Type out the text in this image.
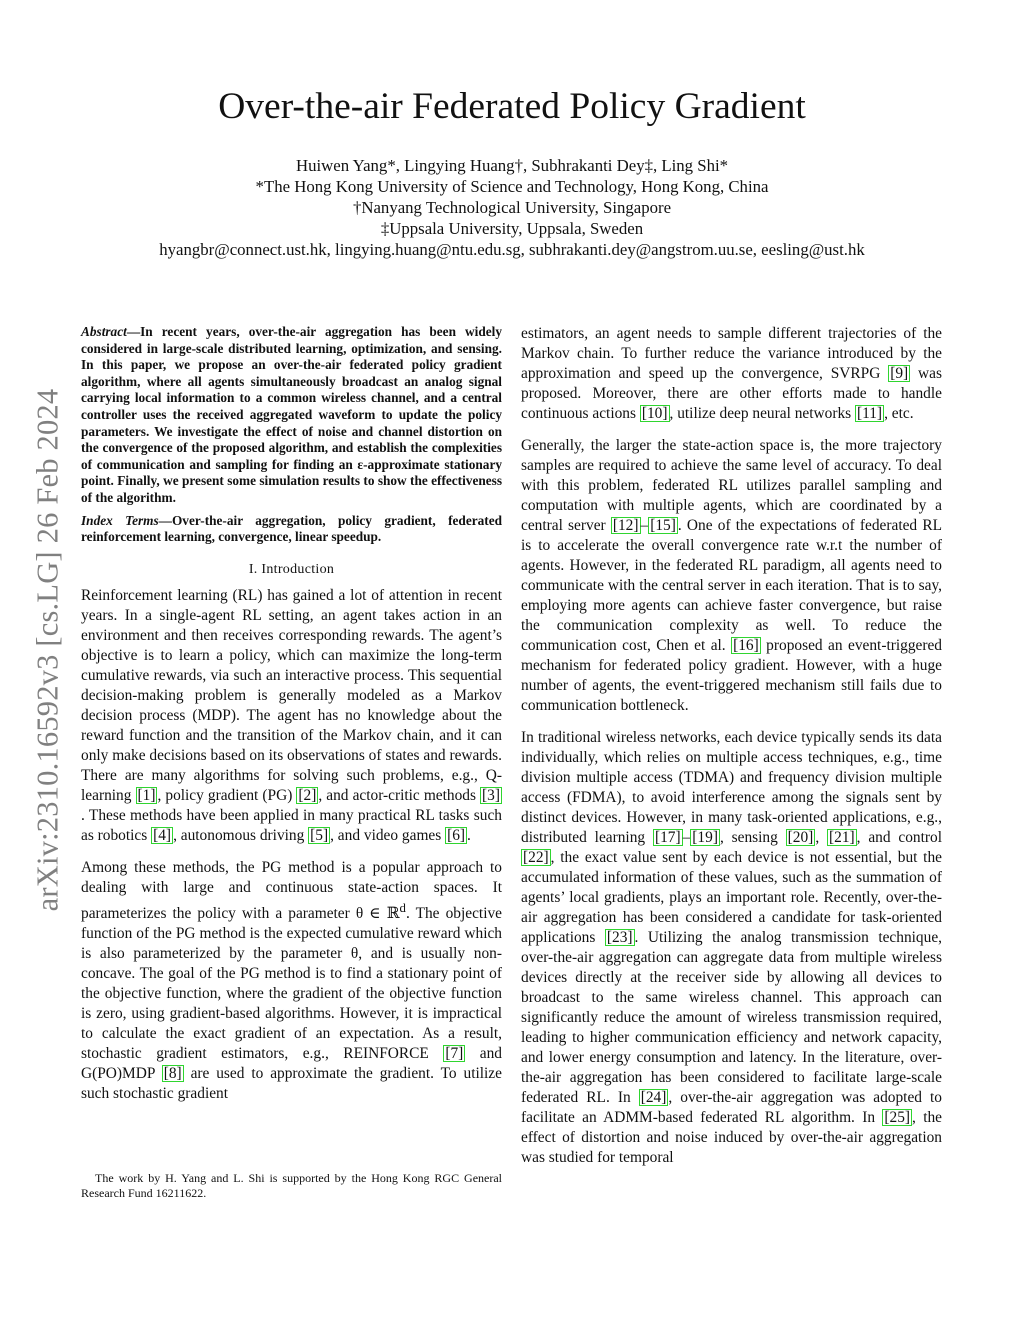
arXiv:2310.16592v3 [cs.LG] 26 Feb 2024
Over-the-air Federated Policy Gradient
Huiwen Yang*, Lingying Huang†, Subhrakanti Dey‡, Ling Shi*
*The Hong Kong University of Science and Technology, Hong Kong, China
†Nanyang Technological University, Singapore
‡Uppsala University, Uppsala, Sweden
hyangbr@connect.ust.hk, lingying.huang@ntu.edu.sg, subhrakanti.dey@angstrom.uu.se, eesling@ust.hk

Abstract—In recent years, over-the-air aggregation has been widely considered in large-scale distributed learning, optimization, and sensing. In this paper, we propose an over-the-air federated policy gradient algorithm, where all agents simultaneously broadcast an analog signal carrying local information to a common wireless channel, and a central controller uses the received aggregated waveform to update the policy parameters. We investigate the effect of noise and channel distortion on the convergence of the proposed algorithm, and establish the complexities of communication and sampling for finding an ε-approximate stationary point. Finally, we present some simulation results to show the effectiveness of the algorithm.

Index Terms—Over-the-air aggregation, policy gradient, federated reinforcement learning, convergence, linear speedup.

I. Introduction

Reinforcement learning (RL) has gained a lot of attention in recent years. In a single-agent RL setting, an agent takes action in an environment and then receives corresponding rewards. The agent’s objective is to learn a policy, which can maximize the long-term cumulative rewards, via such an interactive process. This sequential decision-making problem is generally modeled as a Markov decision process (MDP). The agent has no knowledge about the reward function and the transition of the Markov chain, and it can only make decisions based on its observations of states and rewards. There are many algorithms for solving such problems, e.g., Q-learning [1] , policy gradient (PG) [2] , and actor-critic methods [3]. These methods have been applied in many practical RL tasks such as robotics [4] , autonomous driving [5] , and video games [6] .

Among these methods, the PG method is a popular approach to dealing with large and continuous state-action spaces. It parameterizes the policy with a parameter θ ∈ ℝ$^d$. The objective function of the PG method is the expected cumulative reward which is also parameterized by the parameter θ, and is usually non-concave. The goal of the PG method is to find a stationary point of the objective function, where the gradient of the objective function is zero, using gradient-based algorithms. However, it is impractical to calculate the exact gradient of an expectation. As a result, stochastic gradient estimators, e.g., REINFORCE [7] and G(PO)MDP [8] are used to approximate the gradient. To utilize such stochastic gradient

The work by H. Yang and L. Shi is supported by the Hong Kong RGC General Research Fund 16211622.

estimators, an agent needs to sample different trajectories of the Markov chain. To further reduce the variance introduced by the approximation and speed up the convergence, SVRPG [9] was proposed. Moreover, there are other efforts made to handle continuous actions [10] , utilize deep neural networks [11] , etc.

Generally, the larger the state-action space is, the more trajectory samples are required to achieve the same level of accuracy. To deal with this problem, federated RL utilizes parallel sampling and computation with multiple agents, which are coordinated by a central server [12] – [15] . One of the expectations of federated RL is to accelerate the overall convergence rate w.r.t the number of agents. However, in the federated RL paradigm, all agents need to communicate with the central server in each iteration. That is to say, employing more agents can achieve faster convergence, but raise the communication complexity as well. To reduce the communication cost, Chen et al. [16] proposed an event-triggered mechanism for federated policy gradient. However, with a huge number of agents, the event-triggered mechanism still fails due to communication bottleneck.

In traditional wireless networks, each device typically sends its data individually, which relies on multiple access techniques, e.g., time division multiple access (TDMA) and frequency division multiple access (FDMA), to avoid interference among the signals sent by distinct devices. However, in many task-oriented applications, e.g., distributed learning [17] – [19] , sensing [20] , [21] , and control [22] , the exact value sent by each device is not essential, but the accumulated information of these values, such as the summation of agents’ local gradients, plays an important role. Recently, over-the-air aggregation has been considered a candidate for task-oriented applications [23] . Utilizing the analog transmission technique, over-the-air aggregation can aggregate data from multiple wireless devices directly at the receiver side by allowing all devices to broadcast to the same wireless channel. This approach can significantly reduce the amount of wireless transmission required, leading to higher communication efficiency and network capacity, and lower energy consumption and latency. In the literature, over-the-air aggregation has been considered to facilitate large-scale federated RL. In [24] , over-the-air aggregation was adopted to facilitate an ADMM-based federated RL algorithm. In [25] , the effect of distortion and noise induced by over-the-air aggregation was studied for temporal
